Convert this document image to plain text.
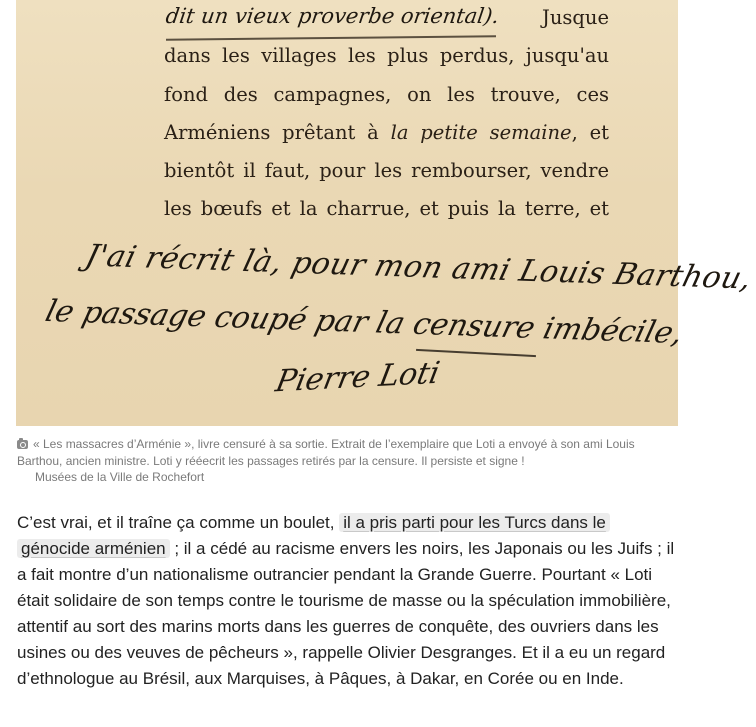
dit un vieux proverbe oriental).	Jusque
dans les villages les plus perdus, jusqu'au
fond des campagnes, on les trouve, ces
Arméniens prêtant à la petite semaine, et
bientôt il faut, pour les rembourser, vendre
les bœufs et la charrue, et puis la terre, et
J'ai récrit là, pour mon ami Louis Barthou,
le passage coupé par la censure imbécile,
Pierre Loti
« Les massacres d’Arménie », livre censuré à sa sortie. Extrait de l’exemplaire que Loti a envoyé à son ami Louis Barthou, ancien ministre. Loti y rééecrit les passages retirés par la censure. Il persiste et signe !
Musées de la Ville de Rochefort

C’est vrai, et il traîne ça comme un boulet, il a pris parti pour les Turcs dans le génocide arménien ; il a cédé au racisme envers les noirs, les Japonais ou les Juifs ; il a fait montre d’un nationalisme outrancier pendant la Grande Guerre. Pourtant « Loti était solidaire de son temps contre le tourisme de masse ou la spéculation immobilière, attentif au sort des marins morts dans les guerres de conquête, des ouvriers dans les usines ou des veuves de pêcheurs », rappelle Olivier Desgranges. Et il a eu un regard d’ethnologue au Brésil, aux Marquises, à Pâques, à Dakar, en Corée ou en Inde.
